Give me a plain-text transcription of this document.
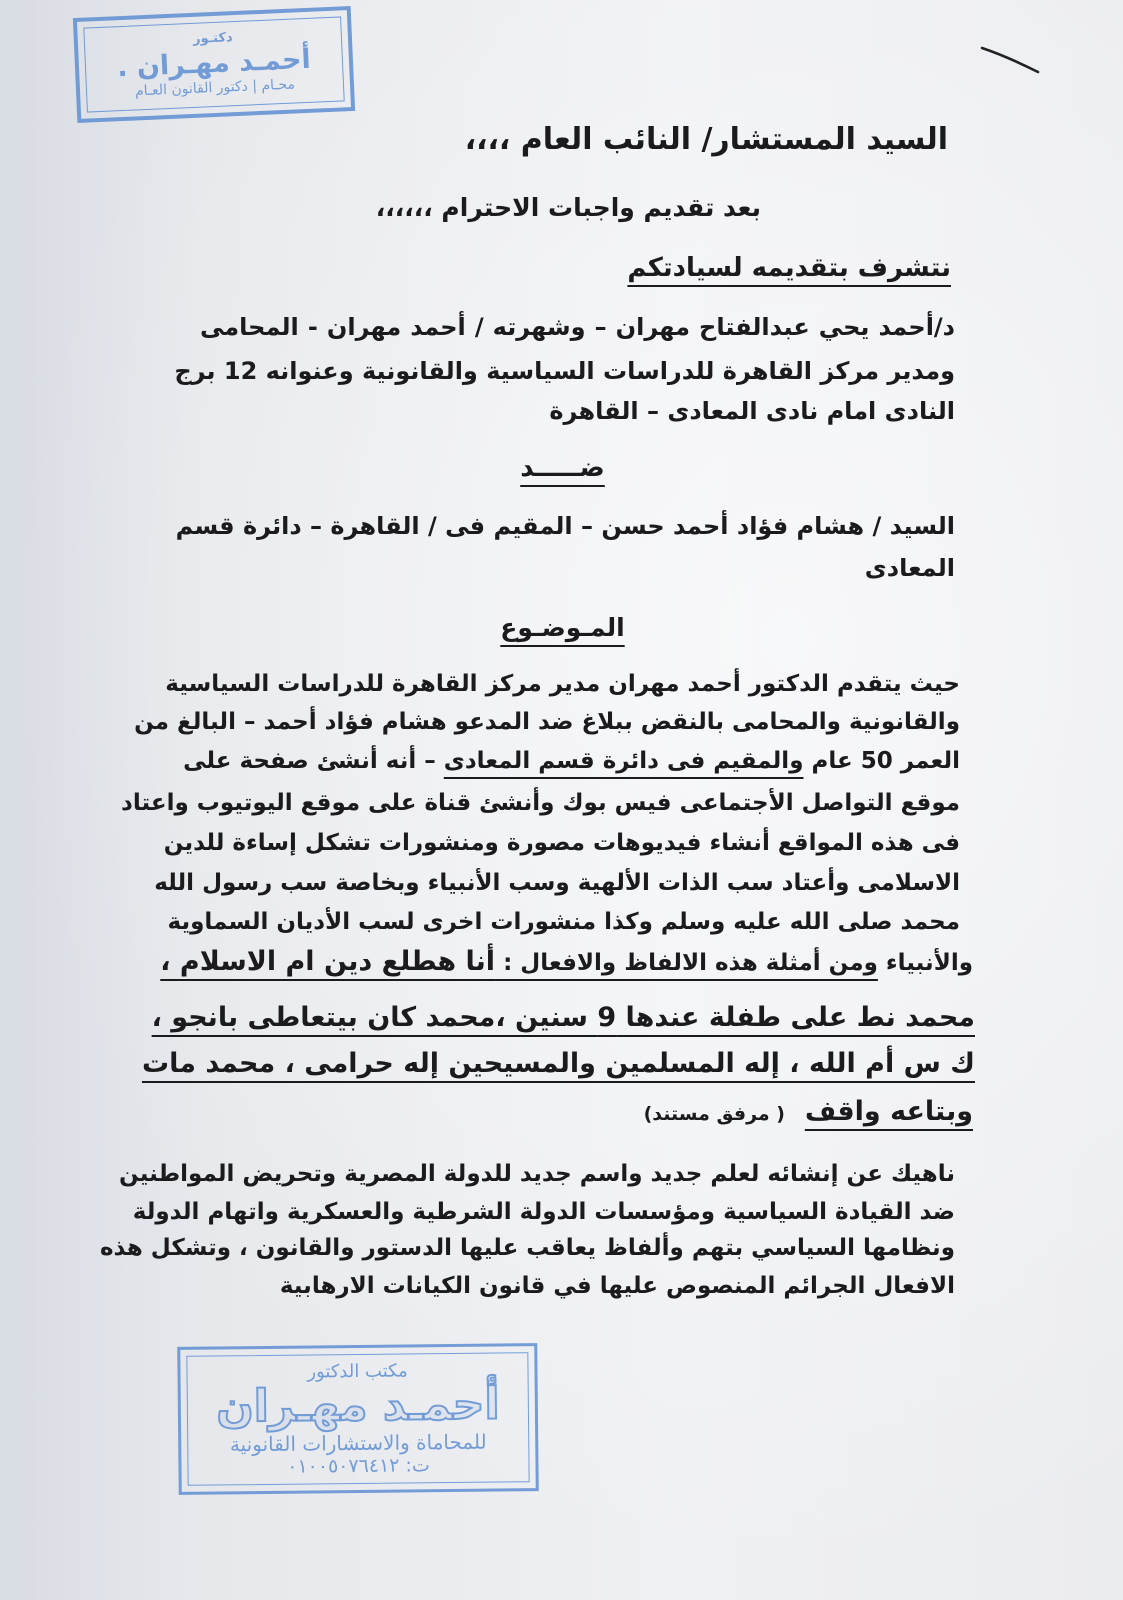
دكتـور
أحمـد مهـران .
محـام | دكتور القانون العـام
السيد المستشار/ النائب العام ،،،،
بعد تقديم واجبات الاحترام ،،،،،،
نتشرف بتقديمه لسيادتكم
د/أحمد يحي عبدالفتاح مهران – وشهرته / أحمد مهران - المحامى
ومدير مركز القاهرة للدراسات السياسية والقانونية وعنوانه 12 برج
النادى امام نادى المعادى – القاهرة
ضـــــد
السيد / هشام فؤاد أحمد حسن – المقيم فى / القاهرة – دائرة قسم
المعادى
المـوضـوع
حيث يتقدم الدكتور أحمد مهران مدير مركز القاهرة للدراسات السياسية
والقانونية والمحامى بالنقض ببلاغ ضد المدعو هشام فؤاد أحمد – البالغ من
العمر 50 عام والمقيم فى دائرة قسم المعادى – أنه أنشئ صفحة على
موقع التواصل الأجتماعى فيس بوك وأنشئ قناة على موقع اليوتيوب واعتاد
فى هذه المواقع أنشاء فيديوهات مصورة ومنشورات تشكل إساءة للدين
الاسلامى وأعتاد سب الذات الألهية وسب الأنبياء وبخاصة سب رسول الله
محمد صلى الله عليه وسلم وكذا منشورات اخرى لسب الأديان السماوية
والأنبياء ومن أمثلة هذه الالفاظ والافعال : أنا هطلع دين ام الاسلام ،
محمد نط على طفلة عندها 9 سنين ،محمد كان بيتعاطى بانجو ،
ك س أم الله ، إله المسلمين والمسيحين إله حرامى ، محمد مات
وبتاعه واقف   ( مرفق مستند)
ناهيك عن إنشائه لعلم جديد واسم جديد للدولة المصرية وتحريض المواطنين
ضد القيادة السياسية ومؤسسات الدولة الشرطية والعسكرية واتهام الدولة
ونظامها السياسي بتهم وألفاظ يعاقب عليها الدستور والقانون ، وتشكل هذه
الافعال الجرائم المنصوص عليها في قانون الكيانات الارهابية
مكتب الدكتور
أحمـد مهـران
للمحاماة والاستشارات القانونية
ت: ٠١٠٠٥٠٧٦٤١٢
